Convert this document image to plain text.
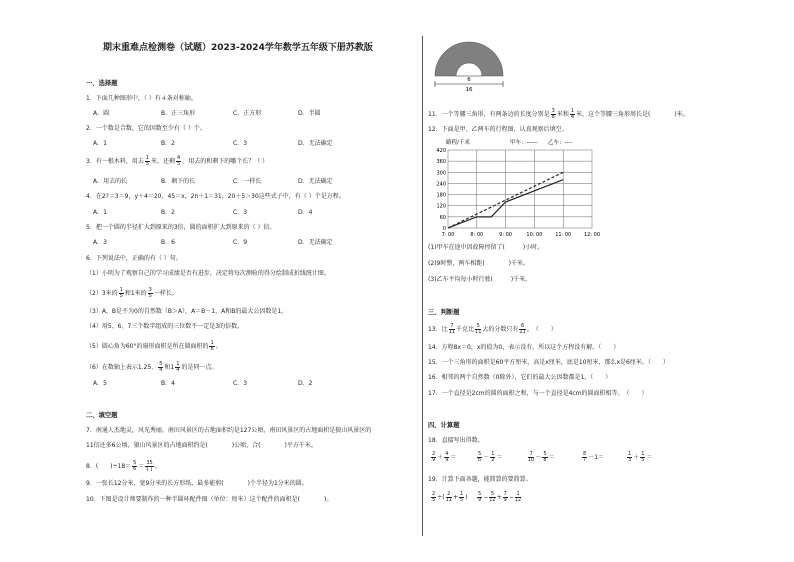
期末重难点检测卷（试题）2023-2024学年数学五年级下册苏教版
一、选择题
1．下面几种图形中，（ ）有４条对称轴。
A．圆	B．正三角形	C．正方形	D．半圆
2．一个数是合数，它的因数至少有（ ）个。
A．1	B．2	C．3	D．无法确定
3．有一根木料，用去 $\frac{1}{5}$ 米，还剩 $\frac{4}{5}$ 。用去的和剩下的哪个长？（ ）
A．用去的长	B．剩下的长	C．一样长	D．无法确定
4．在2?＝3＝9，y＋4＝20，45＝x，2n＋1＝31，20＋5＞30这些式子中，有（ ）个是方程。
A．1	B．2	C．3	D．4
5．把一个圆的半径扩大到原来的3倍，圆的面积扩大到原来的（ ）倍。
A．3	B．6	C．9	D．无法确定
6．下列说法中，正确的有（ ）句。
（1）小明为了观察自己的学习成绩是否有进步，决定将每次测验的得分绘制成折线统计图。
（2）3米的 $\frac{1}{5}$ 和1米的 $\frac{3}{5}$ 一样长。
（3）A、B是不为0的自然数（B＞A），A＝B－1，A和B的最大公因数是1。
（4）用5、6、7三个数字组成的三位数不一定是3的倍数。
（5）圆心角为60°的扇形面积是所在圆面积的 $\frac{1}{6}$ 。
（6）在数轴上表示1.25、 $\frac{5}{4}$ 和$1 \frac{1}{4}$ 的是同一点。
A．5	B．4	C．3	D．2
二、填空题
7．南通人杰地灵，风光秀丽，南田风景区的占地面积约是127公顷，南田风景区的占地面积是狼山风景区的
11倍还多6公顷，狼山风景区的占地面积约是(　　　　)公顷，合(　　　　)平方千米。
8．(　　)$\div 18= \frac{5}{6} = \frac{35}{[ ]}$ 。
9．一张长12分米，宽9分米的长方形纸，最多能剪(　　　　)个半径为1分米的圆。
10．下图是设计师要制作的一种半圆环配件图（单位：厘米）这个配件的面积是(　　　　)。
6
16
11．一个等腰三角形，有两条边的长度分别是 $\frac{3}{8}$ 米和 $\frac{1}{4}$ 米，这个等腰三角形周长是(　　　　)米。
12．下面是甲、乙两车的行程图，认真观察后填空。
路程/千米	甲车：—— 乙车：----
420
360
300
240
180
120
60
0
7: 00	8: 00	9: 00	10: 00	11: 00	12: 00
(1)甲车在途中因故障停留了(　　　)小时。
(2)9时整，两车相距(　　　　)千米。
(3)乙车平均每小时行驶(　　　)千米。
三、判断题
13．比 $\frac{7}{11}$ 千克比 $\frac{5}{11}$ 大的分数只有 $\frac{6}{11}$ 。　（　　）
14．方程8x＝0，x的值为0，表示没有，所以这个方程没有解。（　　）
15．一个三角形的面积是60平方厘米，高是x厘米，底是10厘米，那么x是6厘米。（　　）
16．相邻的两个自然数（0除外），它们的最大公因数都是1。（　　）
17．一个直径是2cm的圆的面积之和，与一个直径是4cm的圆面积相等。　（　　）
四、计算题
18．直接写出得数。
$\frac{2}{9} + \frac{4}{9}$ ＝	$\frac{5}{6} - \frac{1}{2}$ ＝	$\frac{7}{10} - \frac{5}{8}$ ＝	$\frac{8}{7} -1=$	$\frac{1}{3} + \frac{1}{5}$ ＝
19．计算下面各题，能简算的要简算。
$\frac{2}{5}$ ÷( $\frac{2}{11} + \frac{1}{5}$ ) $\frac{5}{9} - \frac{5}{12} + \frac{7}{9} - \frac{1}{12}$
